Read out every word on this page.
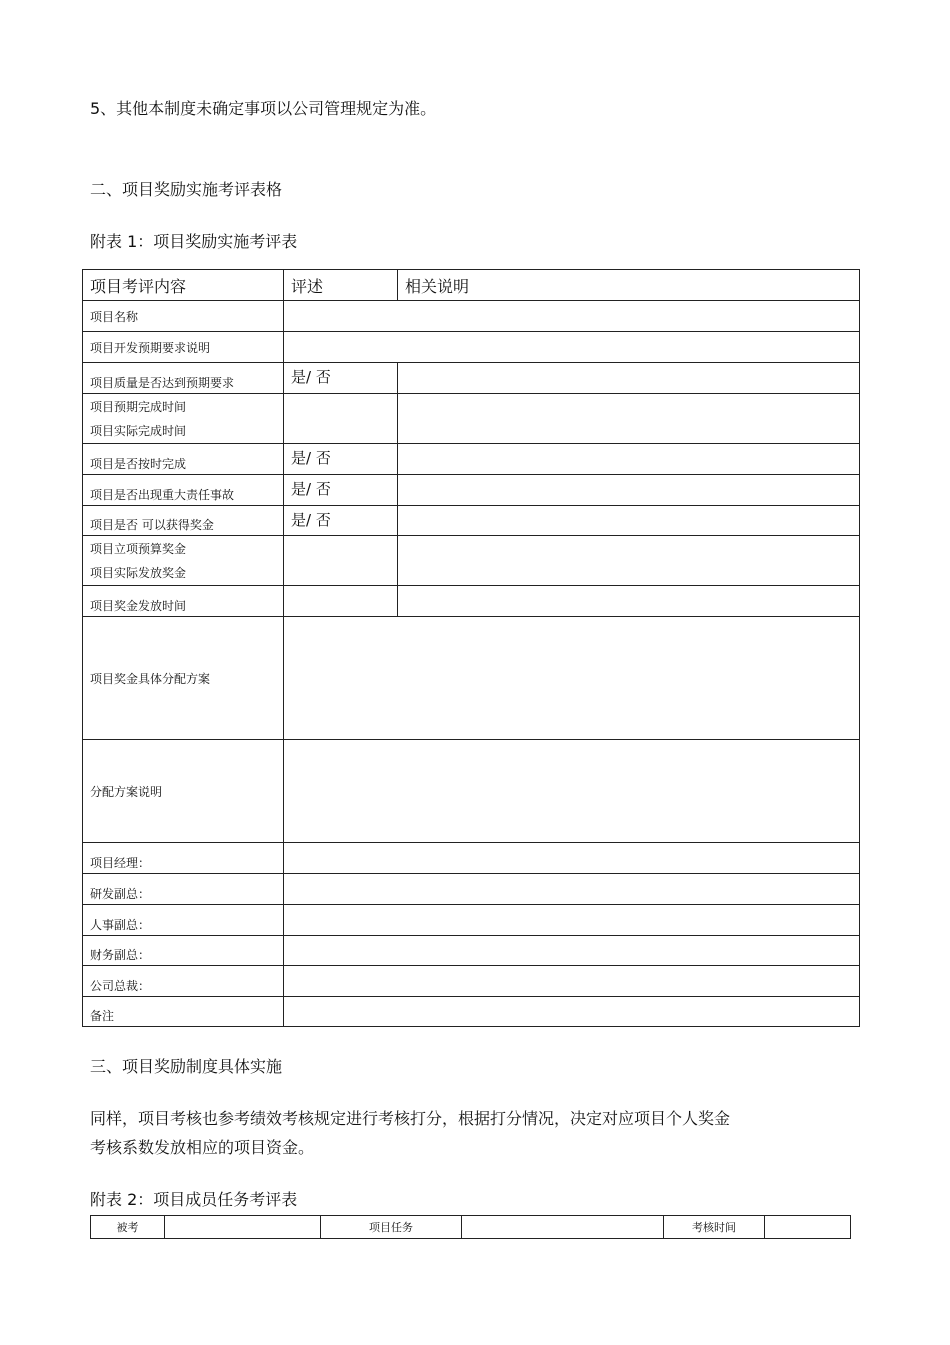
5、其他本制度未确定事项以公司管理规定为准。
二、项目奖励实施考评表格
附表 1：项目奖励实施考评表
项目考评内容	评述	相关说明
项目名称		
项目开发预期要求说明		
项目质量是否达到预期要求	是/ 否	

项目预期完成时间
项目实际完成时间		

项目是否按时完成	是/ 否	
项目是否出现重大责任事故	是/ 否	
项目是否 可以获得奖金	是/ 否	

项目立项预算奖金
项目实际发放奖金		

项目奖金发放时间		
项目奖金具体分配方案		
分配方案说明		
项目经理：		
研发副总：		
人事副总：		
财务副总：		
公司总裁：		
备注		
三、项目奖励制度具体实施
同样，项目考核也参考绩效考核规定进行考核打分，根据打分情况，决定对应项目个人奖金
考核系数发放相应的项目资金。
附表 2：项目成员任务考评表
被考		项目任务		考核时间	
